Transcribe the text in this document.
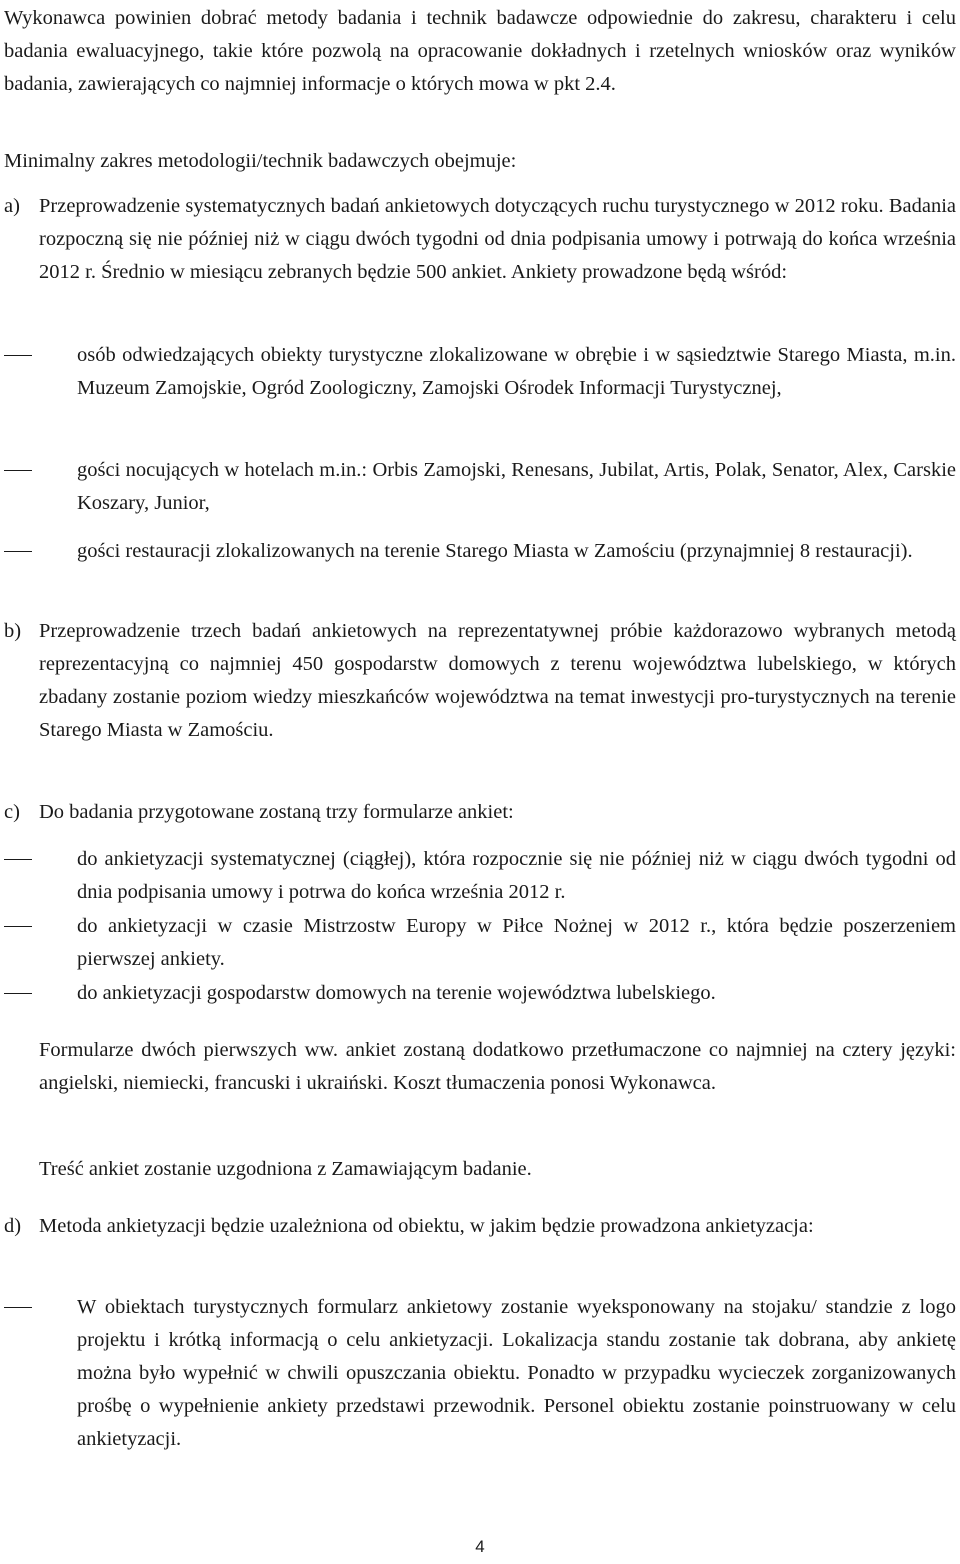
Wykonawca powinien dobrać metody badania i technik badawcze odpowiednie do zakresu, charakteru i celu badania ewaluacyjnego, takie które pozwolą na opracowanie dokładnych i rzetelnych wniosków oraz wyników badania, zawierających co najmniej informacje o których mowa w pkt 2.4.

Minimalny zakres metodologii/technik badawczych obejmuje:

a) Przeprowadzenie systematycznych badań ankietowych dotyczących ruchu turystycznego w 2012 roku. Badania rozpoczną się nie później niż w ciągu dwóch tygodni od dnia podpisania umowy i potrwają do końca września 2012 r. Średnio w miesiącu zebranych będzie 500 ankiet. Ankiety prowadzone będą wśród:

osób odwiedzających obiekty turystyczne zlokalizowane w obrębie i w sąsiedztwie Starego Miasta, m.in. Muzeum Zamojskie, Ogród Zoologiczny, Zamojski Ośrodek Informacji Turystycznej,

gości nocujących w hotelach m.in.: Orbis Zamojski, Renesans, Jubilat, Artis, Polak, Senator, Alex, Carskie Koszary, Junior,

gości restauracji zlokalizowanych na terenie Starego Miasta w Zamościu (przynajmniej 8 restauracji).

b) Przeprowadzenie trzech badań ankietowych na reprezentatywnej próbie każdorazowo wybranych metodą reprezentacyjną co najmniej 450 gospodarstw domowych z terenu województwa lubelskiego, w których zbadany zostanie poziom wiedzy mieszkańców województwa na temat inwestycji pro-turystycznych na terenie Starego Miasta w Zamościu.

c) Do badania przygotowane zostaną trzy formularze ankiet:

do ankietyzacji systematycznej (ciągłej), która rozpocznie się nie później niż w ciągu dwóch tygodni od dnia podpisania umowy i potrwa do końca września 2012 r.

do ankietyzacji w czasie Mistrzostw Europy w Piłce Nożnej w 2012 r., która będzie poszerzeniem pierwszej ankiety.

do ankietyzacji gospodarstw domowych na terenie województwa lubelskiego.

Formularze dwóch pierwszych ww. ankiet zostaną dodatkowo przetłumaczone co najmniej na cztery języki: angielski, niemiecki, francuski i ukraiński. Koszt tłumaczenia ponosi Wykonawca.

Treść ankiet zostanie uzgodniona z Zamawiającym badanie.

d) Metoda ankietyzacji będzie uzależniona od obiektu, w jakim będzie prowadzona ankietyzacja:

W obiektach turystycznych formularz ankietowy zostanie wyeksponowany na stojaku/ standzie z logo projektu i krótką informacją o celu ankietyzacji. Lokalizacja standu zostanie tak dobrana, aby ankietę można było wypełnić w chwili opuszczania obiektu. Ponadto w przypadku wycieczek zorganizowanych prośbę o wypełnienie ankiety przedstawi przewodnik. Personel obiektu zostanie poinstruowany w celu ankietyzacji.

4
